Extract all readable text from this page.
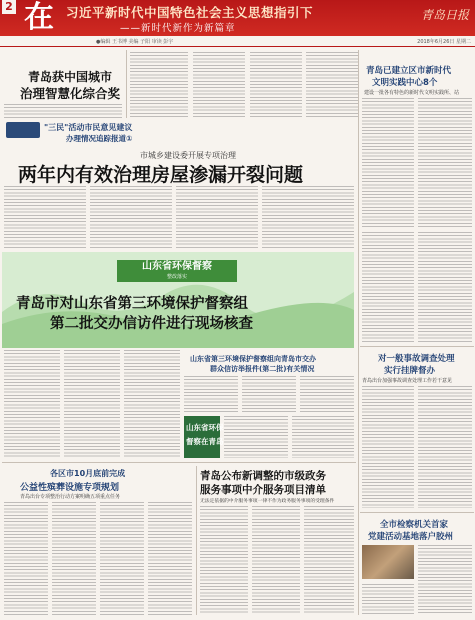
2 在 习近平新时代中国特色社会主义思想指引下
——新时代新作为新篇章
青岛日报
●编辑 王书博 美编 子阳 审读 彭宇	2018年6月26日 星期二
青岛获中国城市
治理智慧化综合奖
"三民"活动市民意见建议
办理情况追踪报道①
市城乡建设委开展专项治理
两年内有效治理房屋渗漏开裂问题
青岛已建立区市新时代
文明实践中心8个
建设一批各有特色的新时代文明实践所、站
对一般事故调查处理
实行挂牌督办
青岛出台加强事故调查处理工作若干意见
全市检察机关首家
党建活动基地落户胶州
山东省环保督察
整改落实
青岛市对山东省第三环境保护督察组
第二批交办信访件进行现场核查
山东省第三环境保护督察组向青岛市交办
群众信访举报件(第二批)有关情况
山东省环保
督察在青岛
各区市10月底前完成
公益性殡葬设施专项规划
青岛出台专项整治行动方案明确五项重点任务
青岛公布新调整的市级政务
服务事项中介服务项目清单
无法定依据的中介服务事项一律不作为政务服务事项的受理条件
